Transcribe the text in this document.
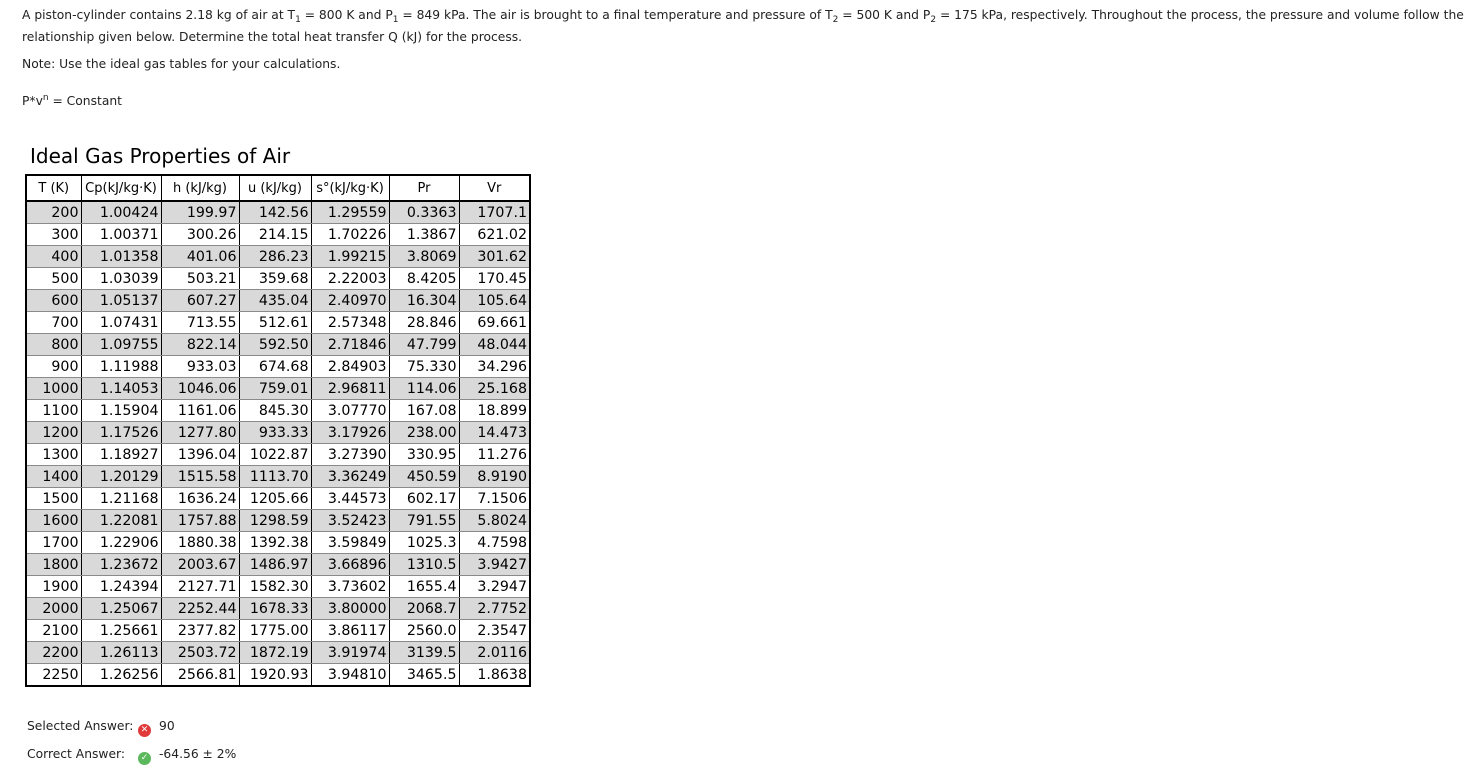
A piston-cylinder contains 2.18 kg of air at $T_1 = 800$ K and $P_1 = 849$ kPa. The air is brought to a final temperature and pressure of $T_2 = 500$ K and $P_2 = 175$ kPa, respectively. Throughout the process, the pressure and volume follow the relationship given below. Determine the total heat transfer Q (kJ) for the process.

Note: Use the ideal gas tables for your calculations.
$P*v^n$ = Constant
Ideal Gas Properties of Air
T (K)	Cp(kJ/kg·K)	h (kJ/kg)	u (kJ/kg)	s°(kJ/kg·K)	Pr	Vr
200	1.00424	199.97	142.56	1.29559	0.3363	1707.1
300	1.00371	300.26	214.15	1.70226	1.3867	621.02
400	1.01358	401.06	286.23	1.99215	3.8069	301.62
500	1.03039	503.21	359.68	2.22003	8.4205	170.45
600	1.05137	607.27	435.04	2.40970	16.304	105.64
700	1.07431	713.55	512.61	2.57348	28.846	69.661
800	1.09755	822.14	592.50	2.71846	47.799	48.044
900	1.11988	933.03	674.68	2.84903	75.330	34.296
1000	1.14053	1046.06	759.01	2.96811	114.06	25.168
1100	1.15904	1161.06	845.30	3.07770	167.08	18.899
1200	1.17526	1277.80	933.33	3.17926	238.00	14.473
1300	1.18927	1396.04	1022.87	3.27390	330.95	11.276
1400	1.20129	1515.58	1113.70	3.36249	450.59	8.9190
1500	1.21168	1636.24	1205.66	3.44573	602.17	7.1506
1600	1.22081	1757.88	1298.59	3.52423	791.55	5.8024
1700	1.22906	1880.38	1392.38	3.59849	1025.3	4.7598
1800	1.23672	2003.67	1486.97	3.66896	1310.5	3.9427
1900	1.24394	2127.71	1582.30	3.73602	1655.4	3.2947
2000	1.25067	2252.44	1678.33	3.80000	2068.7	2.7752
2100	1.25661	2377.82	1775.00	3.86117	2560.0	2.3547
2200	1.26113	2503.72	1872.19	3.91974	3139.5	2.0116
2250	1.26256	2566.81	1920.93	3.94810	3465.5	1.8638
Selected Answer: ✕ 90
Correct Answer: ✓ -64.56 ± 2%
